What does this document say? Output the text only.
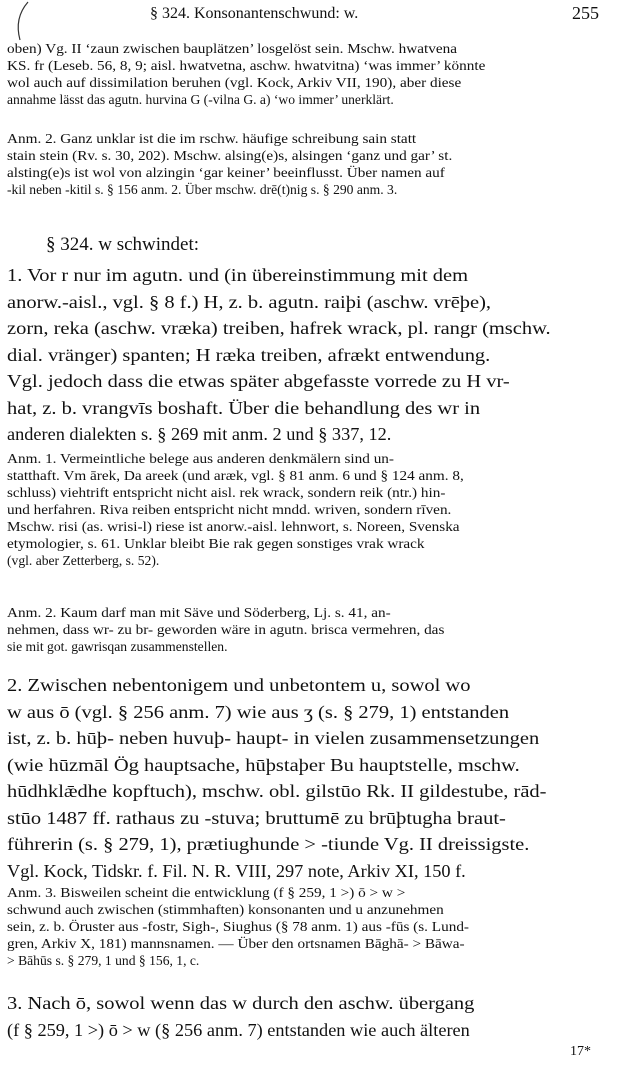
§ 324. Konsonantenschwund: w.	255
oben) Vg. II ‘zaun zwischen bauplätzen’ losgelöst sein. Mschw. hwatvena
KS. fr (Leseb. 56, 8, 9; aisl. hwatvetna, aschw. hwatvitna) ‘was immer’ könnte
wol auch auf dissimilation beruhen (vgl. Kock, Arkiv VII, 190), aber diese
annahme lässt das agutn. hurvina G (-vilna G. a) ‘wo immer’ unerklärt.
Anm. 2. Ganz unklar ist die im rschw. häufige schreibung sain statt
stain stein (Rv. s. 30, 202). Mschw. alsing(e)s, alsingen ‘ganz und gar’ st.
alsting(e)s ist wol von alzingin ‘gar keiner’ beeinflusst. Über namen auf
-kil neben -kitil s. § 156 anm. 2. Über mschw. drē(t)nig s. § 290 anm. 3.
§ 324. w schwindet:
1. Vor r nur im agutn. und (in übereinstimmung mit dem
anorw.-aisl., vgl. § 8 f.) H, z. b. agutn. raiþi (aschw. vrēþe),
zorn, reka (aschw. vræka) treiben, hafrek wrack, pl. rangr (mschw.
dial. vränger) spanten; H ræka treiben, afrækt entwendung.
Vgl. jedoch dass die etwas später abgefasste vorrede zu H vr-
hat, z. b. vrangvīs boshaft. Über die behandlung des wr in
anderen dialekten s. § 269 mit anm. 2 und § 337, 12.
Anm. 1. Vermeintliche belege aus anderen denkmälern sind un-
statthaft. Vm ārek, Da areek (und aræk, vgl. § 81 anm. 6 und § 124 anm. 8,
schluss) viehtrift entspricht nicht aisl. rek wrack, sondern reik (ntr.) hin-
und herfahren. Riva reiben entspricht nicht mndd. wriven, sondern rīven.
Mschw. risi (as. wrisi-l) riese ist anorw.-aisl. lehnwort, s. Noreen, Svenska
etymologier, s. 61. Unklar bleibt Bie rak gegen sonstiges vrak wrack
(vgl. aber Zetterberg, s. 52).
Anm. 2. Kaum darf man mit Säve und Söderberg, Lj. s. 41, an-
nehmen, dass wr- zu br- geworden wäre in agutn. brisca vermehren, das
sie mit got. gawrisqan zusammenstellen.
2. Zwischen nebentonigem und unbetontem u, sowol wo
w aus ō (vgl. § 256 anm. 7) wie aus ʒ (s. § 279, 1) entstanden
ist, z. b. hūþ- neben huvuþ- haupt- in vielen zusammensetzungen
(wie hūzmāl Ög hauptsache, hūþstaþer Bu hauptstelle, mschw.
hūdhklǣdhe kopftuch), mschw. obl. gilstūo Rk. II gildestube, rād-
stūo 1487 ff. rathaus zu -stuva; bruttumē zu brūþtugha braut-
führerin (s. § 279, 1), prætiughunde > -tiunde Vg. II dreissigste.
Vgl. Kock, Tidskr. f. Fil. N. R. VIII, 297 note, Arkiv XI, 150 f.
Anm. 3. Bisweilen scheint die entwicklung (f § 259, 1 >) ō > w >
schwund auch zwischen (stimmhaften) konsonanten und u anzunehmen
sein, z. b. Öruster aus -fostr, Sigh-, Siughus (§ 78 anm. 1) aus -fūs (s. Lund-
gren, Arkiv X, 181) mannsnamen. — Über den ortsnamen Bāghā- > Bāwa-
> Bāhūs s. § 279, 1 und § 156, 1, c.
3. Nach ō, sowol wenn das w durch den aschw. übergang
(f § 259, 1 >) ō > w (§ 256 anm. 7) entstanden wie auch älteren
17*
